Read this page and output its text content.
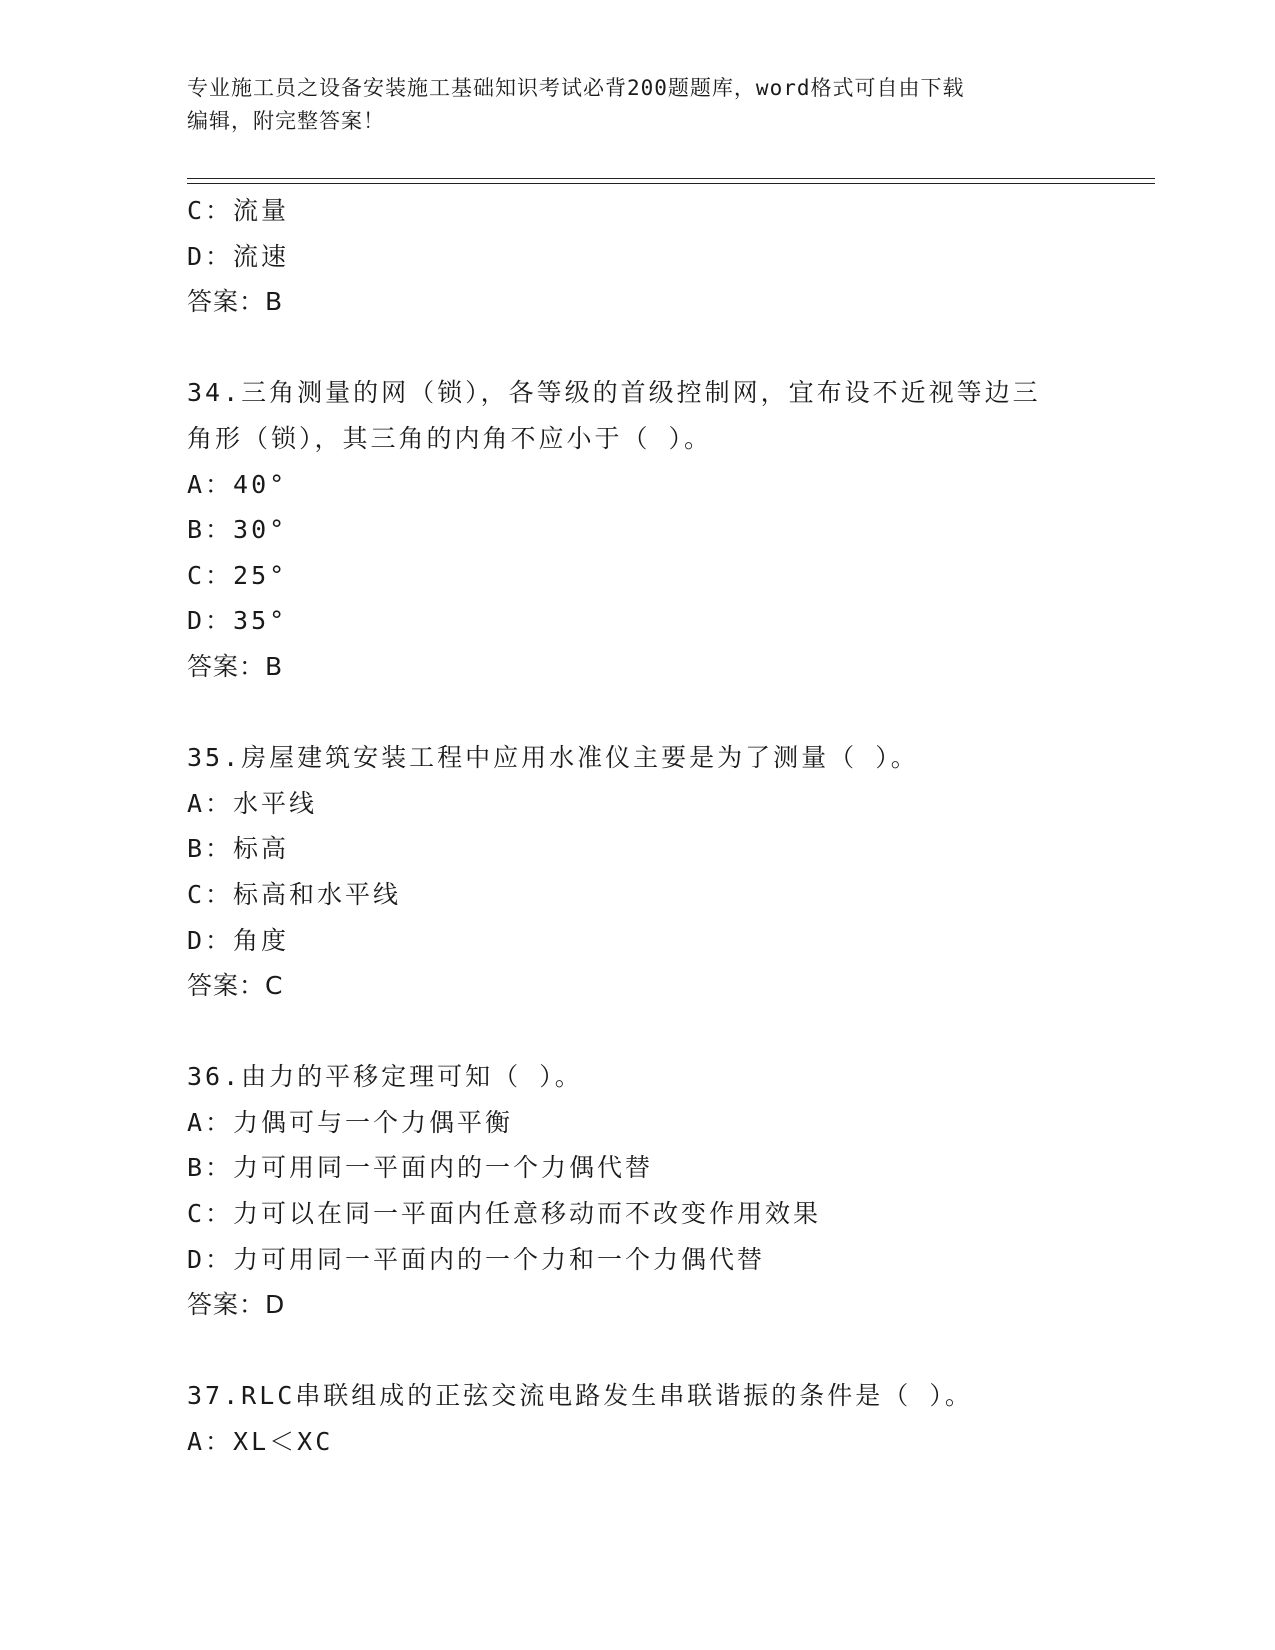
专业施工员之设备安装施工基础知识考试必背200题题库，word格式可自由下载
编辑，附完整答案！
C：流量
D：流速
答案：B
34.三角测量的网（锁），各等级的首级控制网，宜布设不近视等边三
角形（锁），其三角的内角不应小于（ ）。
A：40°
B：30°
C：25°
D：35°
答案：B
35.房屋建筑安装工程中应用水准仪主要是为了测量（ ）。
A：水平线
B：标高
C：标高和水平线
D：角度
答案：C
36.由力的平移定理可知（ ）。
A：力偶可与一个力偶平衡
B：力可用同一平面内的一个力偶代替
C：力可以在同一平面内任意移动而不改变作用效果
D：力可用同一平面内的一个力和一个力偶代替
答案：D
37.RLC串联组成的正弦交流电路发生串联谐振的条件是（ ）。
A：XL＜XC
